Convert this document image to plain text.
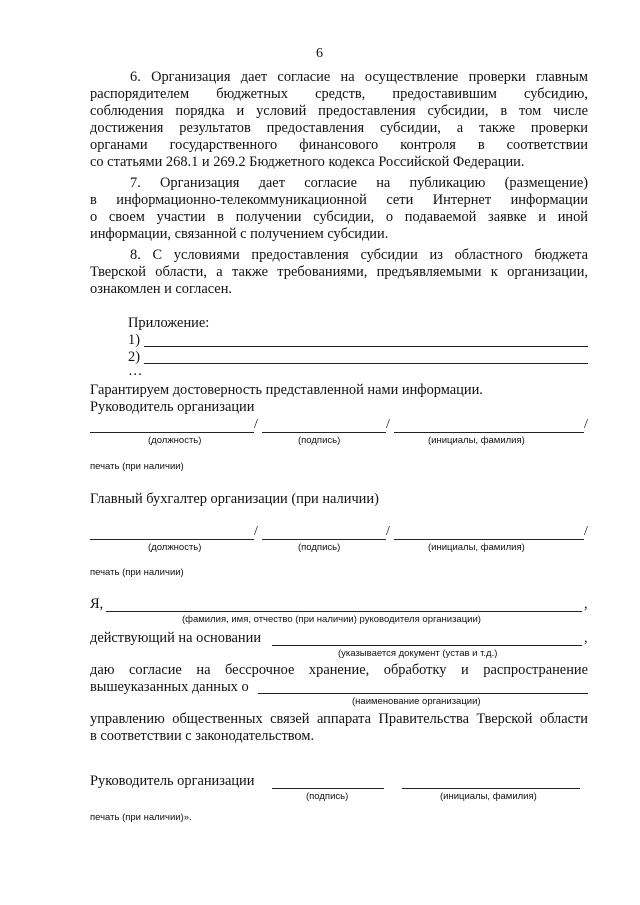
6
6. Организация дает согласие на осуществление проверки главным
распорядителем бюджетных средств, предоставившим субсидию,
соблюдения порядка и условий предоставления субсидии, в том числе
достижения результатов предоставления субсидии, а также проверки
органами государственного финансового контроля в соответствии
со статьями 268.1 и 269.2 Бюджетного кодекса Российской Федерации.
7. Организация дает согласие на публикацию (размещение)
в информационно-телекоммуникационной сети Интернет информации
о своем участии в получении субсидии, о подаваемой заявке и иной
информации, связанной с получением субсидии.
8. С условиями предоставления субсидии из областного бюджета
Тверской области, а также требованиями, предъявляемыми к организации,
ознакомлен и согласен.
Приложение:
1)
2)
…
Гарантируем достоверность представленной нами информации.
Руководитель организации
/	/	/
(должность)	(подпись)	(инициалы, фамилия)
печать (при наличии)
Главный бухгалтер организации (при наличии)
/	/	/
(должность)	(подпись)	(инициалы, фамилия)
печать (при наличии)
Я,	,
(фамилия, имя, отчество (при наличии) руководителя организации)
действующий на основании	,
(указывается документ (устав и т.д.)
даю согласие на бессрочное хранение, обработку и распространение
вышеуказанных данных о
(наименование организации)
управлению общественных связей аппарата Правительства Тверской области
в соответствии с законодательством.
Руководитель организации
(подпись)	(инициалы, фамилия)
печать (при наличии)».
